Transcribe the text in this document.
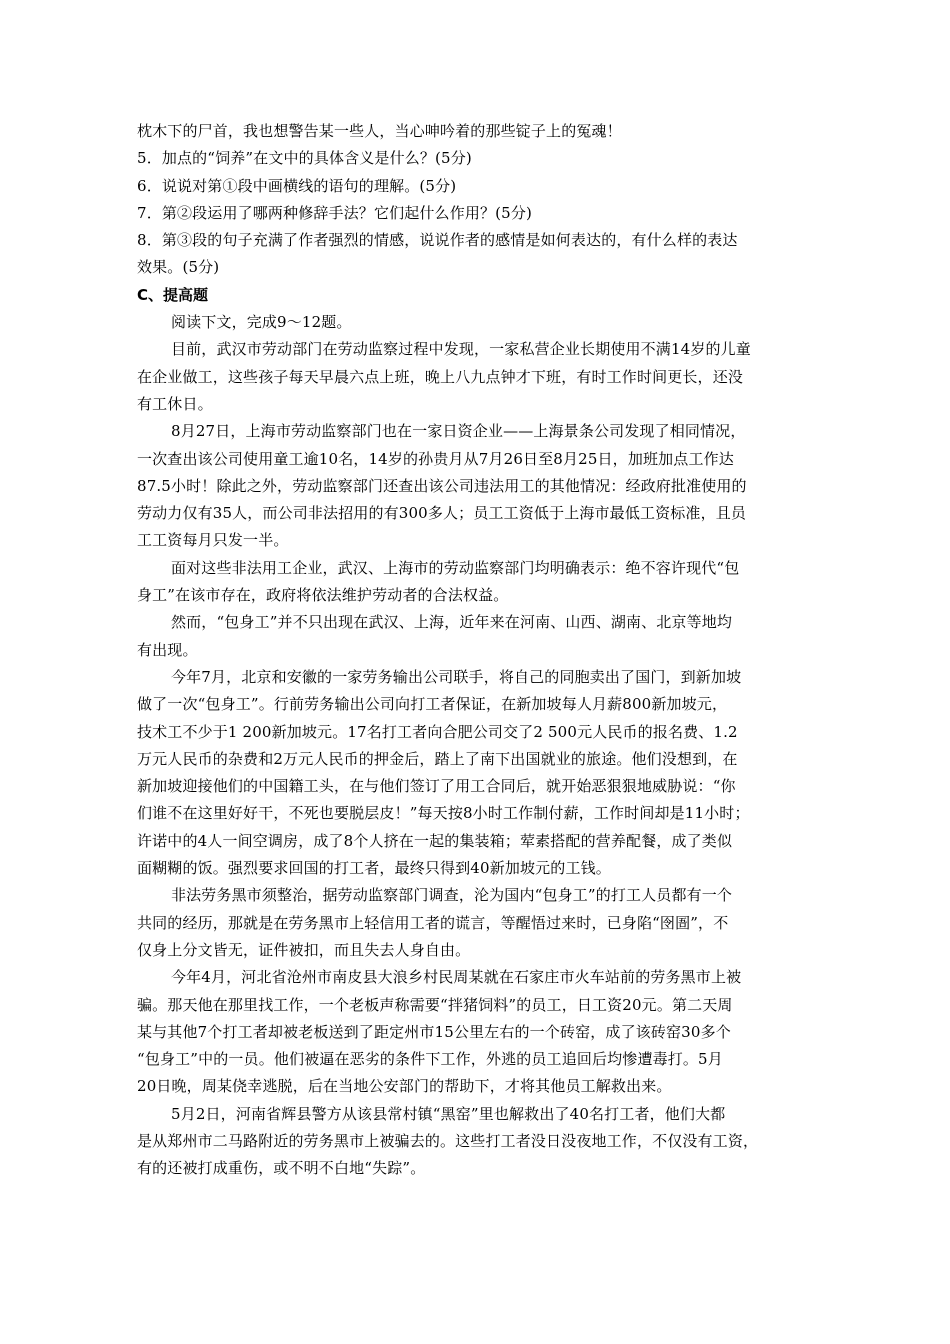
枕木下的尸首，我也想警告某一些人，当心呻吟着的那些锭子上的冤魂！
5．加点的“饲养”在文中的具体含义是什么？(5分)
6．说说对第①段中画横线的语句的理解。(5分)
7．第②段运用了哪两种修辞手法？它们起什么作用？(5分)
8．第③段的句子充满了作者强烈的情感，说说作者的感情是如何表达的，有什么样的表达
效果。(5分)
C、提高题
阅读下文，完成9～12题。
目前，武汉市劳动部门在劳动监察过程中发现，一家私营企业长期使用不满14岁的儿童
在企业做工，这些孩子每天早晨六点上班，晚上八九点钟才下班，有时工作时间更长，还没
有工休日。
8月27日，上海市劳动监察部门也在一家日资企业——上海景条公司发现了相同情况，
一次查出该公司使用童工逾10名，14岁的孙贵月从7月26日至8月25日，加班加点工作达
87.5小时！除此之外，劳动监察部门还查出该公司违法用工的其他情况：经政府批准使用的
劳动力仅有35人，而公司非法招用的有300多人；员工工资低于上海市最低工资标准，且员
工工资每月只发一半。
面对这些非法用工企业，武汉、上海市的劳动监察部门均明确表示：绝不容许现代“包
身工”在该市存在，政府将依法维护劳动者的合法权益。
然而，“包身工”并不只出现在武汉、上海，近年来在河南、山西、湖南、北京等地均
有出现。
今年7月，北京和安徽的一家劳务输出公司联手，将自己的同胞卖出了国门，到新加坡
做了一次“包身工”。行前劳务输出公司向打工者保证，在新加坡每人月薪800新加坡元，
技术工不少于1 200新加坡元。17名打工者向合肥公司交了2 500元人民币的报名费、1.2
万元人民币的杂费和2万元人民币的押金后，踏上了南下出国就业的旅途。他们没想到，在
新加坡迎接他们的中国籍工头，在与他们签订了用工合同后，就开始恶狠狠地威胁说：“你
们谁不在这里好好干，不死也要脱层皮！”每天按8小时工作制付薪，工作时间却是11小时；
许诺中的4人一间空调房，成了8个人挤在一起的集装箱；荤素搭配的营养配餐，成了类似
面糊糊的饭。强烈要求回国的打工者，最终只得到40新加坡元的工钱。
非法劳务黑市须整治，据劳动监察部门调查，沦为国内“包身工”的打工人员都有一个
共同的经历，那就是在劳务黑市上轻信用工者的谎言，等醒悟过来时，已身陷“囹圄”，不
仅身上分文皆无，证件被扣，而且失去人身自由。
今年4月，河北省沧州市南皮县大浪乡村民周某就在石家庄市火车站前的劳务黑市上被
骗。那天他在那里找工作，一个老板声称需要“拌猪饲料”的员工，日工资20元。第二天周
某与其他7个打工者却被老板送到了距定州市15公里左右的一个砖窑，成了该砖窑30多个
“包身工”中的一员。他们被逼在恶劣的条件下工作，外逃的员工追回后均惨遭毒打。5月
20日晚，周某侥幸逃脱，后在当地公安部门的帮助下，才将其他员工解救出来。
5月2日，河南省辉县警方从该县常村镇“黑窑”里也解救出了40名打工者，他们大都
是从郑州市二马路附近的劳务黑市上被骗去的。这些打工者没日没夜地工作，不仅没有工资，
有的还被打成重伤，或不明不白地“失踪”。
